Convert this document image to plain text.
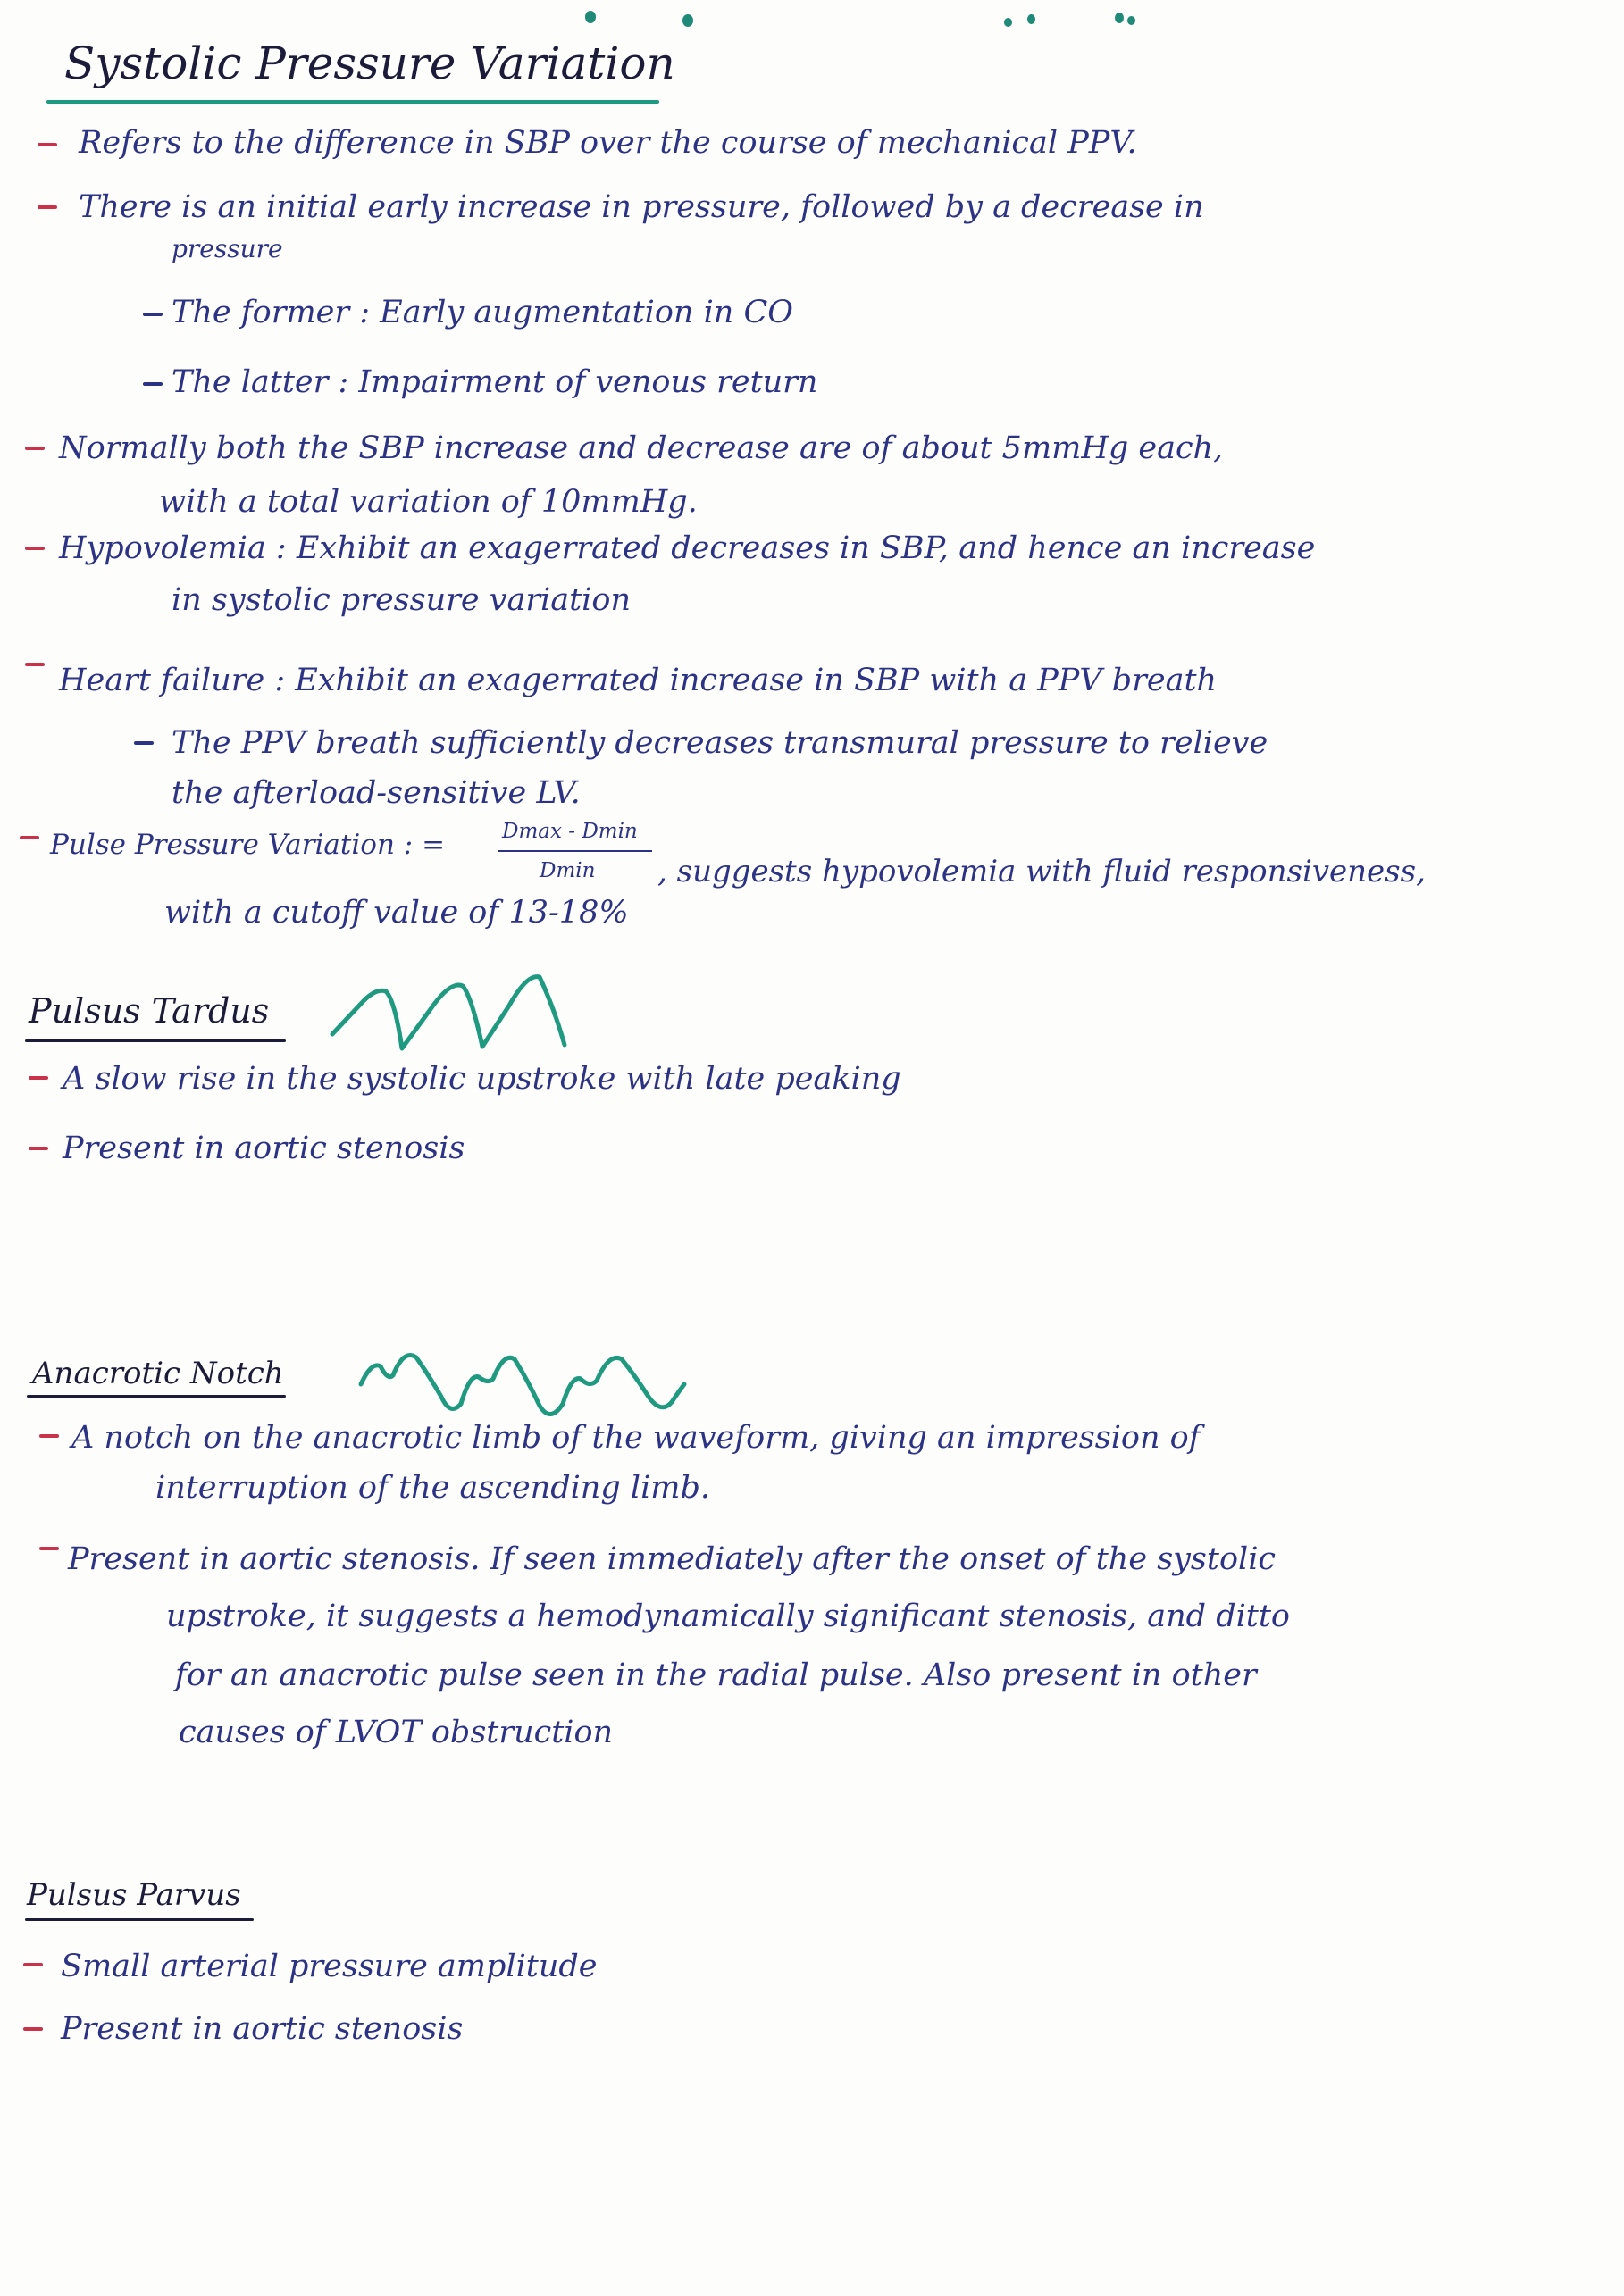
Systolic Pressure Variation
Refers to the difference in SBP over the course of mechanical PPV.
There is an initial early increase in pressure, followed by a decrease in
pressure
The former : Early augmentation in CO
The latter : Impairment of venous return
Normally both the SBP increase and decrease are of about 5mmHg each,
with a total variation of 10mmHg.
Hypovolemia : Exhibit an exagerrated decreases in SBP, and hence an increase
in systolic pressure variation
Heart failure : Exhibit an exagerrated increase in SBP with a PPV breath
The PPV breath sufficiently decreases transmural pressure to relieve
the afterload-sensitive LV.
Pulse Pressure Variation : =	Dmax - Dmin
Dmin , suggests hypovolemia with fluid responsiveness,
with a cutoff value of 13-18%
Pulsus Tardus
A slow rise in the systolic upstroke with late peaking
Present in aortic stenosis
Anacrotic Notch
A notch on the anacrotic limb of the waveform, giving an impression of
interruption of the ascending limb.
Present in aortic stenosis. If seen immediately after the onset of the systolic
upstroke, it suggests a hemodynamically significant stenosis, and ditto
for an anacrotic pulse seen in the radial pulse. Also present in other
causes of LVOT obstruction
Pulsus Parvus
Small arterial pressure amplitude
Present in aortic stenosis
